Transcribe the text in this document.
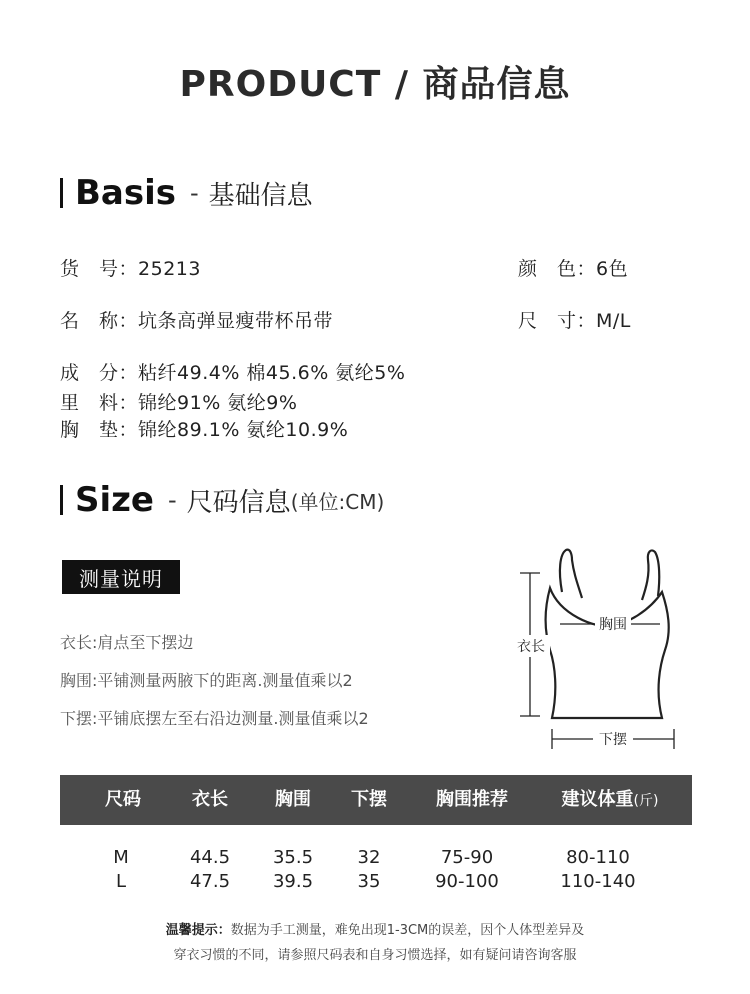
PRODUCT / 商品信息
Basis - 基础信息
货　号：25213	颜　色：6色
名　称：坑条高弹显瘦带杯吊带	尺　寸：M/L
成　分：粘纤49.4% 棉45.6% 氨纶5%
里　料：锦纶91% 氨纶9%
胸　垫：锦纶89.1% 氨纶10.9%
Size - 尺码信息 (单位:CM)
测量说明
衣长:肩点至下摆边
胸围:平铺测量两腋下的距离.测量值乘以2
下摆:平铺底摆左至右沿边测量.测量值乘以2
衣长
胸围
下摆
尺码	衣长	胸围	下摆	胸围推荐	建议体重(斤)
M	44.5	35.5	32	75-90	80-110
L	47.5	39.5	35	90-100	110-140
温馨提示：数据为手工测量，难免出现1-3CM的误差，因个人体型差异及
穿衣习惯的不同，请参照尺码表和自身习惯选择，如有疑问请咨询客服
